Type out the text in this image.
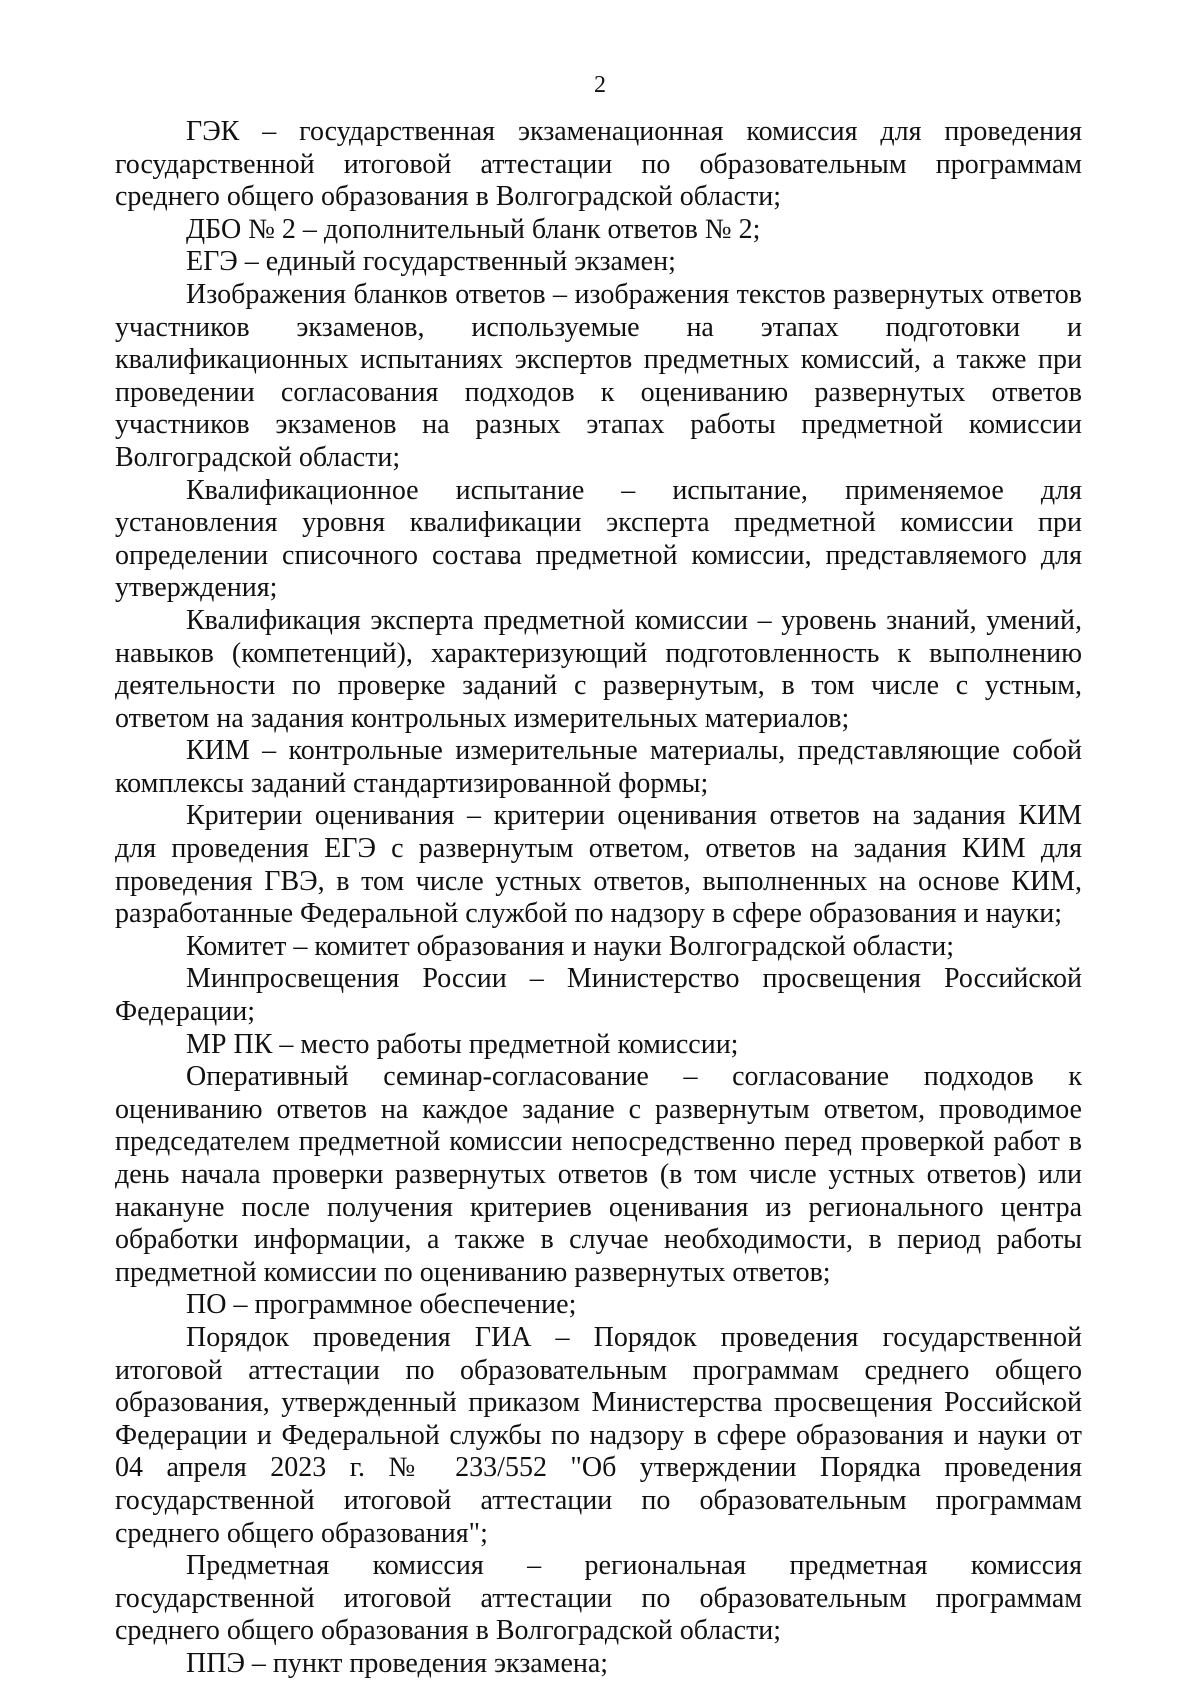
2

ГЭК – государственная экзаменационная комиссия для проведения государственной итоговой аттестации по образовательным программам среднего общего образования в Волгоградской области;

ДБО № 2 – дополнительный бланк ответов № 2;

ЕГЭ – единый государственный экзамен;

Изображения бланков ответов – изображения текстов развернутых ответов участников экзаменов, используемые на этапах подготовки и квалификационных испытаниях экспертов предметных комиссий, а также при проведении согласования подходов к оцениванию развернутых ответов участников экзаменов на разных этапах работы предметной комиссии Волгоградской области;

Квалификационное испытание – испытание, применяемое для установления уровня квалификации эксперта предметной комиссии при определении списочного состава предметной комиссии, представляемого для утверждения;

Квалификация эксперта предметной комиссии – уровень знаний, умений, навыков (компетенций), характеризующий подготовленность к выполнению деятельности по проверке заданий с развернутым, в том числе с устным, ответом на задания контрольных измерительных материалов;

КИМ – контрольные измерительные материалы, представляющие собой комплексы заданий стандартизированной формы;

Критерии оценивания – критерии оценивания ответов на задания КИМ для проведения ЕГЭ с развернутым ответом, ответов на задания КИМ для проведения ГВЭ, в том числе устных ответов, выполненных на основе КИМ, разработанные Федеральной службой по надзору в сфере образования и науки;

Комитет – комитет образования и науки Волгоградской области;

Минпросвещения России – Министерство просвещения Российской Федерации;

МР ПК – место работы предметной комиссии;

Оперативный семинар-согласование – согласование подходов к оцениванию ответов на каждое задание с развернутым ответом, проводимое председателем предметной комиссии непосредственно перед проверкой работ в день начала проверки развернутых ответов (в том числе устных ответов) или накануне после получения критериев оценивания из регионального центра обработки информации, а также в случае необходимости, в период работы предметной комиссии по оцениванию развернутых ответов;

ПО – программное обеспечение;

Порядок проведения ГИА – Порядок проведения государственной итоговой аттестации по образовательным программам среднего общего образования, утвержденный приказом Министерства просвещения Российской Федерации и Федеральной службы по надзору в сфере образования и науки от 04 апреля 2023 г. № 233/552 "Об утверждении Порядка проведения государственной итоговой аттестации по образовательным программам среднего общего образования";

Предметная комиссия – региональная предметная комиссия государственной итоговой аттестации по образовательным программам среднего общего образования в Волгоградской области;

ППЭ – пункт проведения экзамена;
